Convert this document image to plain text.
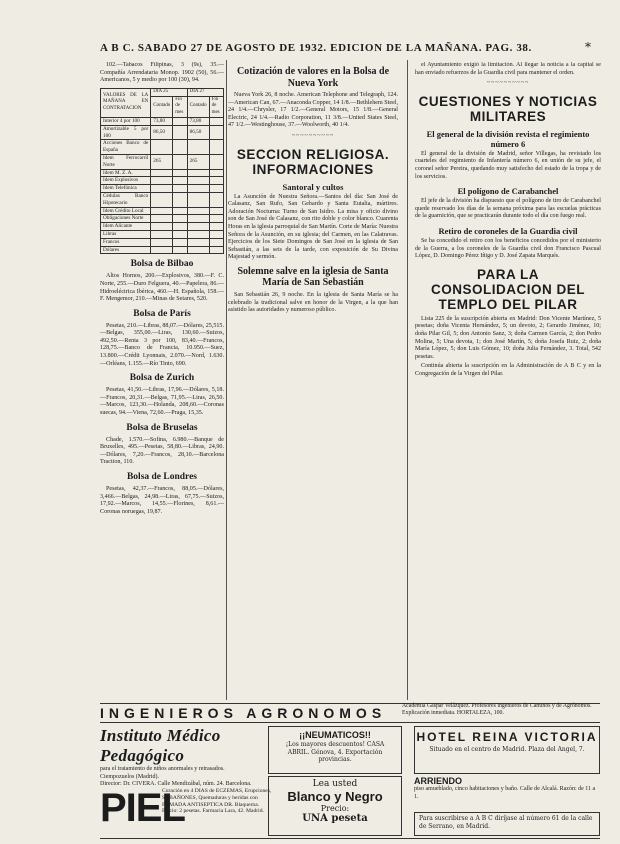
A B C. SABADO 27 DE AGOSTO DE 1932. EDICION DE LA MAÑANA. PAG. 38.	*

102.—Tabacos Filipinas, 3 (9s), 35.—Compañía Arrendataria Monop. 1902 (50), 56.—Americanos, 5 y medio por 100 (30), 94.

VALORES DE LA MAÑANA EN CONTRATACION	DIA 25		DIA 27	
	Contado	Fin de mes	Contado	Fin de mes
Interior 4 por 100	73,80		73,80	
Amortizable 5 por 100	86,50		86,50	
Acciones Banco de España				
Idem Ferrocarril Norte	265		265	
Idem M. Z. A.				
Idem Explosivos				
Idem Telefónica				
Cédulas Banco Hipotecario				
Idem Crédito Local				
Obligaciones Norte				
Idem Alicante				
Libras				
Francos				
Dólares				
Bolsa de Bilbao

Altos Hornos, 200.—Explosivos, 380.—F. C. Norte, 255.—Duro Felguera, 40.—Papelera, 86.—Hidroeléctrica Ibérica, 460.—H. Española, 158.—F. Mengemor, 210.—Minas de Setares, 520.

Bolsa de París

Pesetas, 210.—Libras, 88,07.—Dólares, 25,515.—Belgas, 355,00.—Liras, 130,60.—Suizos, 492,50.—Renta 3 por 100, 83,40.—Francos, 128,75.—Banco de Francia, 10.950.—Suez, 13.800.—Crédit Lyonnais, 2.070.—Nord, 1.630.—Orléans, 1.155.—Río Tinto, 690.

Bolsa de Zurich

Pesetas, 41,50.—Libras, 17,96.—Dólares, 5,18.—Francos, 20,31.—Belgas, 71,95.—Liras, 26,50.—Marcos, 123,30.—Holanda, 208,60.—Coronas suecas, 94.—Viena, 72,60.—Praga, 15,35.

Bolsa de Bruselas

Chade, 1.570.—Sofina, 6.980.—Banque de Bruxelles, 495.—Pesetas, 58,80.—Libras, 24,90.—Dólares, 7,20.—Francos, 28,10.—Barcelona Traction, 110.

Bolsa de Londres

Pesetas, 42,37.—Francos, 88,05.—Dólares, 3,466.—Belgas, 24,98.—Liras, 67,75.—Suizos, 17,92.—Marcos, 14,55.—Florines, 8,61.—Coronas noruegas, 19,87.

Cotización de valores en la Bolsa de Nueva York

Nueva York 26, 8 noche. American Telephone and Telegraph, 124.—American Can, 67.—Anaconda Copper, 14 1/8.—Bethlehem Steel, 24 1/4.—Chrysler, 17 1/2.—General Motors, 15 1/8.—General Electric, 24 1/4.—Radio Corporation, 11 3/8.—United States Steel, 47 1/2.—Westinghouse, 37.—Woolworth, 40 1/4.

~~~~~~~~~~
SECCION RELIGIOSA. INFORMACIONES
Santoral y cultos

La Asunción de Nuestra Señora.—Santos del día: San José de Calasanz, San Rufo, San Gebardo y Santa Eutalia, mártires. Adoración Nocturna: Turno de San Isidro. La misa y oficio divino son de San José de Calasanz, con rito doble y color blanco. Cuarenta Horas en la iglesia parroquial de San Martín. Corte de María: Nuestra Señora de la Asunción, en su iglesia; del Carmen, en las Calatravas. Ejercicios de los Siete Domingos de San José en la iglesia de San Sebastián, a las seis de la tarde, con exposición de Su Divina Majestad y sermón.

Solemne salve en la iglesia de Santa María de San Sebastián

San Sebastián 26, 9 noche. En la iglesia de Santa María se ha celebrado la tradicional salve en honor de la Virgen, a la que han asistido las autoridades y numeroso público.

el Ayuntamiento exigió la limitación. Al llegar la noticia a la capital se han enviado refuerzos de la Guardia civil para mantener el orden.

~~~~~~~~~~
CUESTIONES Y NOTICIAS MILITARES
El general de la división revista el regimiento número 6

El general de la división de Madrid, señor Villegas, ha revistado los cuarteles del regimiento de Infantería número 6, en unión de su jefe, el coronel señor Pereira, quedando muy satisfecho del estado de la tropa y de los servicios.

El polígono de Carabanchel

El jefe de la división ha dispuesto que el polígono de tiro de Carabanchel quede reservado los días de la semana próxima para las escuelas prácticas de la guarnición, que se practicarán durante todo el día con fuego real.

Retiro de coroneles de la Guardia civil

Se ha concedido el retiro con los beneficios concedidos por el ministerio de la Guerra, a los coroneles de la Guardia civil don Francisco Pascual López, D. Domingo Pérez Iñigo y D. José Zapata Marqués.

PARA LA CONSOLIDACION DEL TEMPLO DEL PILAR

Lista 225 de la suscripción abierta en Madrid: Don Vicente Martínez, 5 pesetas; doña Vicenta Hernández, 5; un devoto, 2; Gerardo Jiménez, 10; doña Pilar Gil, 5; don Antonio Sanz, 3; doña Carmen García, 2; don Pedro Molina, 5; Una devota, 1; don José Martín, 5; doña Josefa Ruiz, 2; doña María López, 5; don Luis Gómez, 10; doña Julia Fernández, 3. Total, 542 pesetas.

Continúa abierta la suscripción en la Administración de A B C y en la Congregación de la Virgen del Pilar.

INGENIEROS AGRONOMOS	Academia Gaspar Velázquez. Profesores ingenieros de Caminos y de Agrónomos. Explicación inmediata. HORTALEZA, 100.
Instituto Médico Pedagógico
para el tratamiento de niños anormales y retrasados. Ciempozuelos (Madrid).
Director: Dr. CIVERA. Calle Mendizábal, núm. 24. Barcelona.
PIEL
Curación en 4 DIAS de ECZEMAS, Erupciones, SABAÑONES, Quemaduras y heridas con POMADA ANTISEPTICA DR. Blaquerna. Precio: 2 pesetas. Farmacia Lara, 42. Madrid.
¡¡NEUMATICOS!!
¡Los mayores descuentos! CASA ABRIL. Génova, 4. Exportación provincias.
Lea usted
Blanco y Negro
Precio:
UNA peseta
HOTEL REINA VICTORIA
Situado en el centro de Madrid. Plaza del Angel, 7.
ARRIENDO
piso amueblado, cinco habitaciones y baño. Calle de Alcalá. Razón: de 11 a 1.
Para suscribirse a A B C diríjase al número 61 de la calle de Serrano, en Madrid.
